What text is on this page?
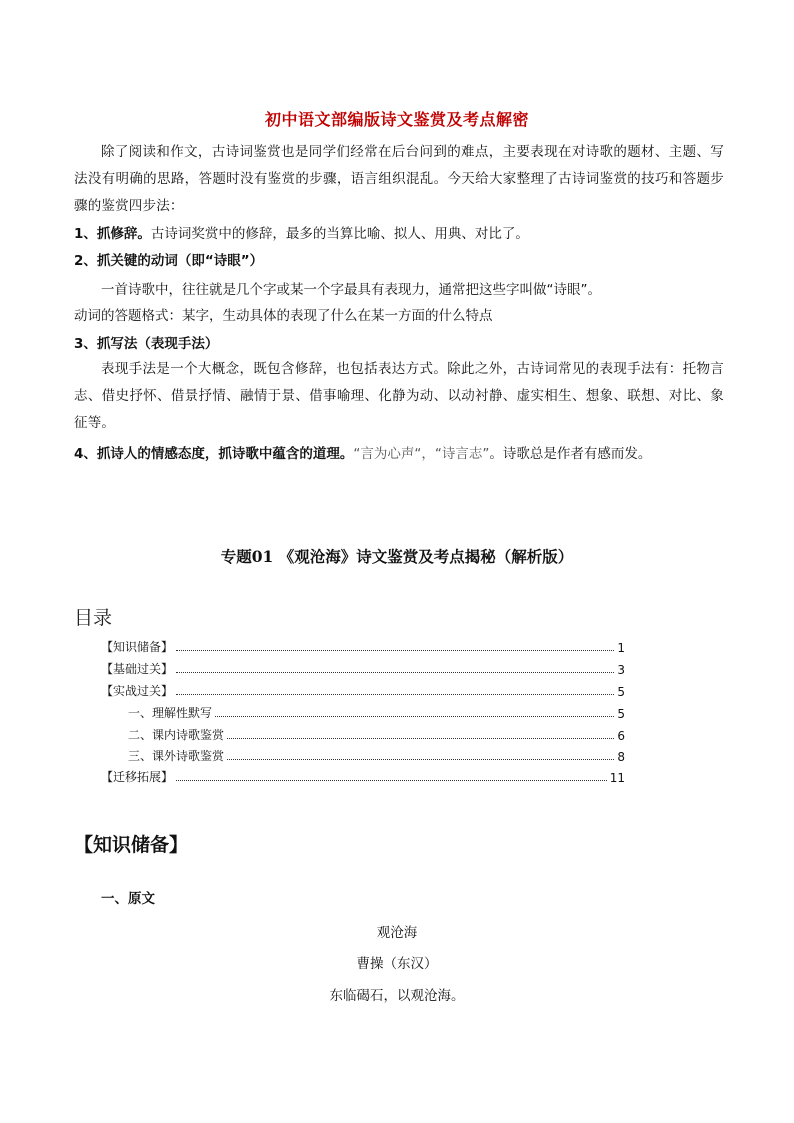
初中语文部编版诗文鉴赏及考点解密
除了阅读和作文，古诗词鉴赏也是同学们经常在后台问到的难点，主要表现在对诗歌的题材、主题、写法没有明确的思路，答题时没有鉴赏的步骤，语言组织混乱。今天给大家整理了古诗词鉴赏的技巧和答题步骤的鉴赏四步法：
1、抓修辞。古诗词奖赏中的修辞，最多的当算比喻、拟人、用典、对比了。
2、抓关键的动词（即“诗眼”）
一首诗歌中，往往就是几个字或某一个字最具有表现力，通常把这些字叫做“诗眼”。
动词的答题格式：某字，生动具体的表现了什么在某一方面的什么特点
3、抓写法（表现手法）
表现手法是一个大概念，既包含修辞，也包括表达方式。除此之外，古诗词常见的表现手法有：托物言志、借史抒怀、借景抒情、融情于景、借事喻理、化静为动、以动衬静、虚实相生、想象、联想、对比、象征等。
4、抓诗人的情感态度，抓诗歌中蕴含的道理。“言为心声“，“诗言志”。诗歌总是作者有感而发。
专题01 《观沧海》诗文鉴赏及考点揭秘（解析版）
目录
【知识储备】	1
【基础过关】	3
【实战过关】	5
一、理解性默写	5
二、课内诗歌鉴赏	6
三、课外诗歌鉴赏	8
【迁移拓展】	11
【知识储备】
一、原文
观沧海
曹操（东汉）
东临碣石，以观沧海。
